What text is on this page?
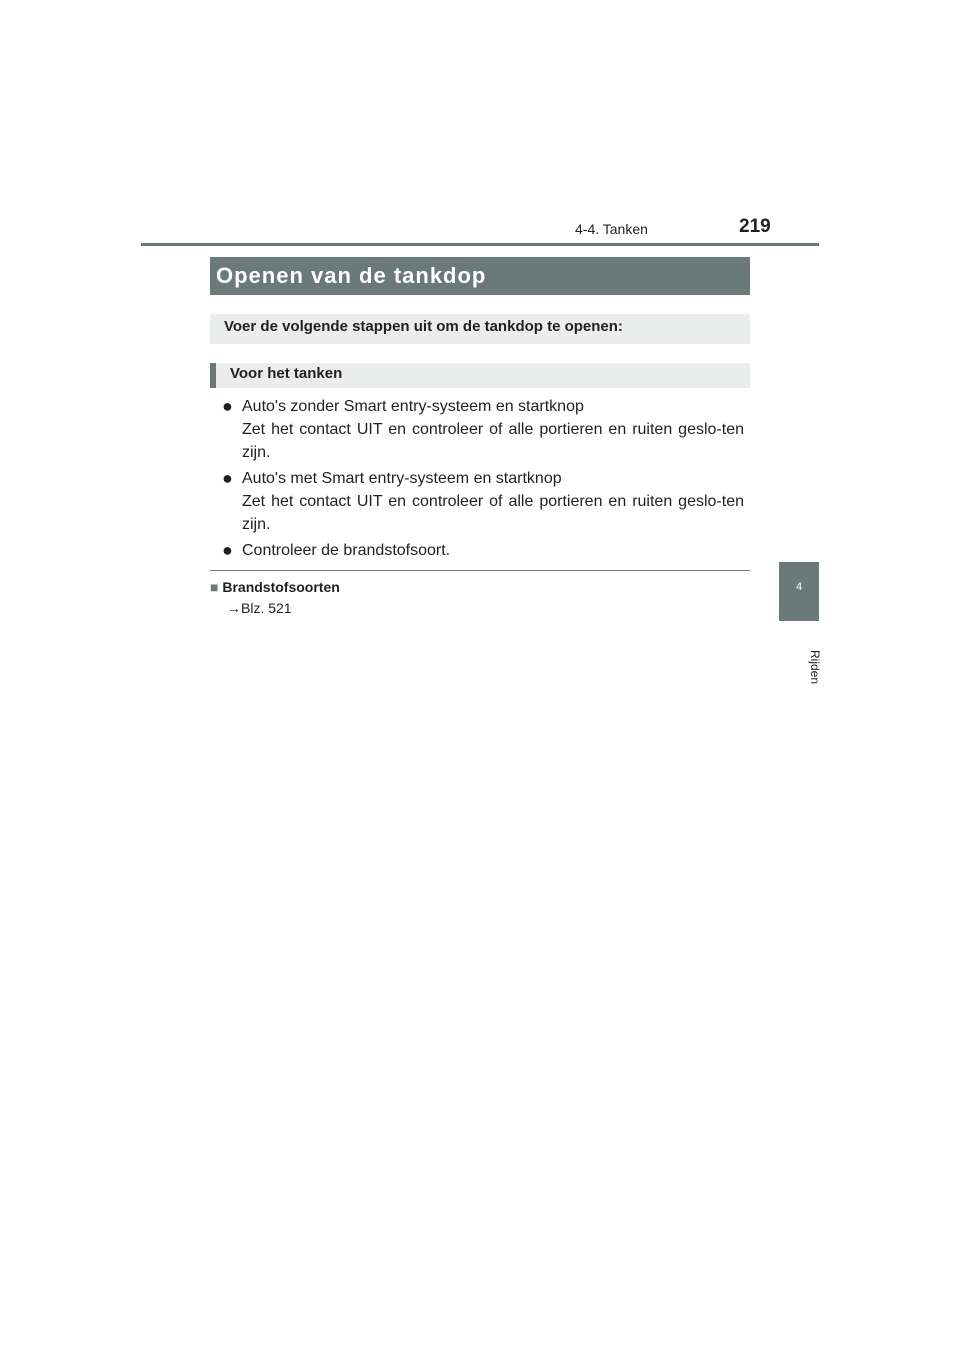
4-4. Tanken	219
4
Rijden
Openen van de tankdop
Voer de volgende stappen uit om de tankdop te openen:
Voor het tanken
● Auto's zonder Smart entry-systeem en startknop
Zet het contact UIT en controleer of alle portieren en ruiten geslo-ten zijn.
● Auto's met Smart entry-systeem en startknop
Zet het contact UIT en controleer of alle portieren en ruiten geslo-ten zijn.
● Controleer de brandstofsoort.
■ Brandstofsoorten
→Blz. 521
